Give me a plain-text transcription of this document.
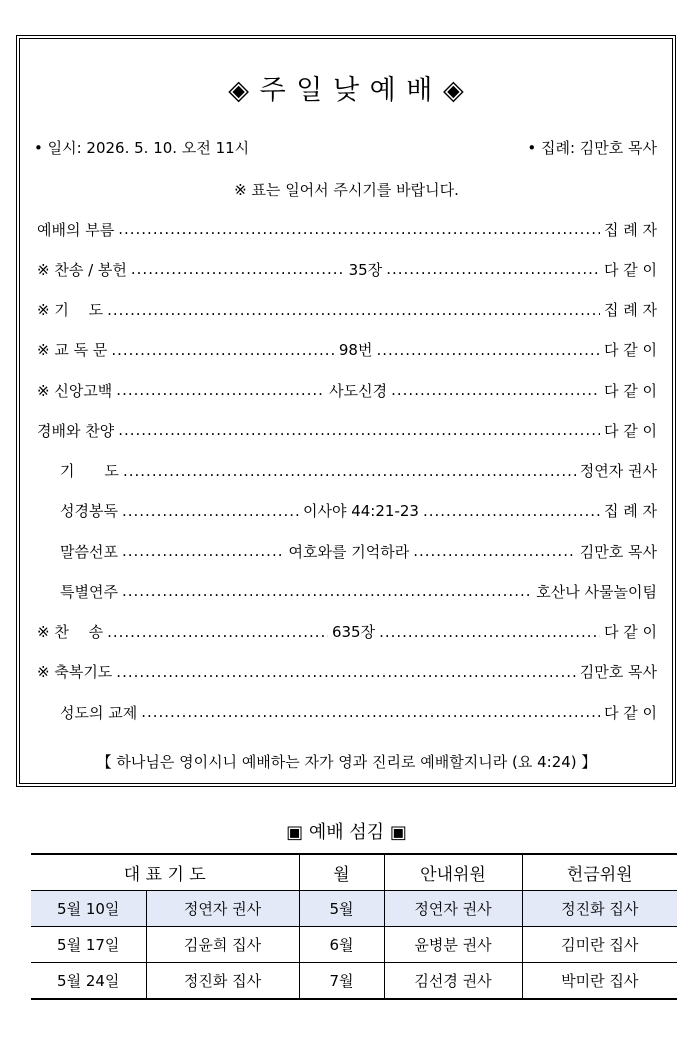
◈ 주 일 낮 예 배 ◈
• 일시: 2026. 5. 10. 오전 11시	• 집례: 김만호 목사
※ 표는 일어서 주시기를 바랍니다.
예배의 부름 .....	집 례 자
※ 찬송 / 봉헌 .....	35장 .....	다 같 이
※ 기　 도 .....	집 례 자
※ 교 독 문 .....	98번 .....	다 같 이
※ 신앙고백 .....	사도신경 .....	다 같 이
경배와 찬양 .....	다 같 이
기　　도 .....	정연자 권사
성경봉독 .....	이사야 44:21-23 .....	집 례 자
말씀선포 .....	여호와를 기억하라 .....	김만호 목사
특별연주 .....	호산나 사물놀이팀
※ 찬　 송 .....	635장 .....	다 같 이
※ 축복기도 .....	김만호 목사
성도의 교제 .....	다 같 이
【 하나님은 영이시니 예배하는 자가 영과 진리로 예배할지니라 (요 4:24) 】
▣ 예배 섬김 ▣
대 표 기 도		월	안내위원	헌금위원
5월 10일	정연자 권사	5월	정연자 권사	정진화 집사
5월 17일	김윤희 집사	6월	윤병분 권사	김미란 집사
5월 24일	정진화 집사	7월	김선경 권사	박미란 집사
